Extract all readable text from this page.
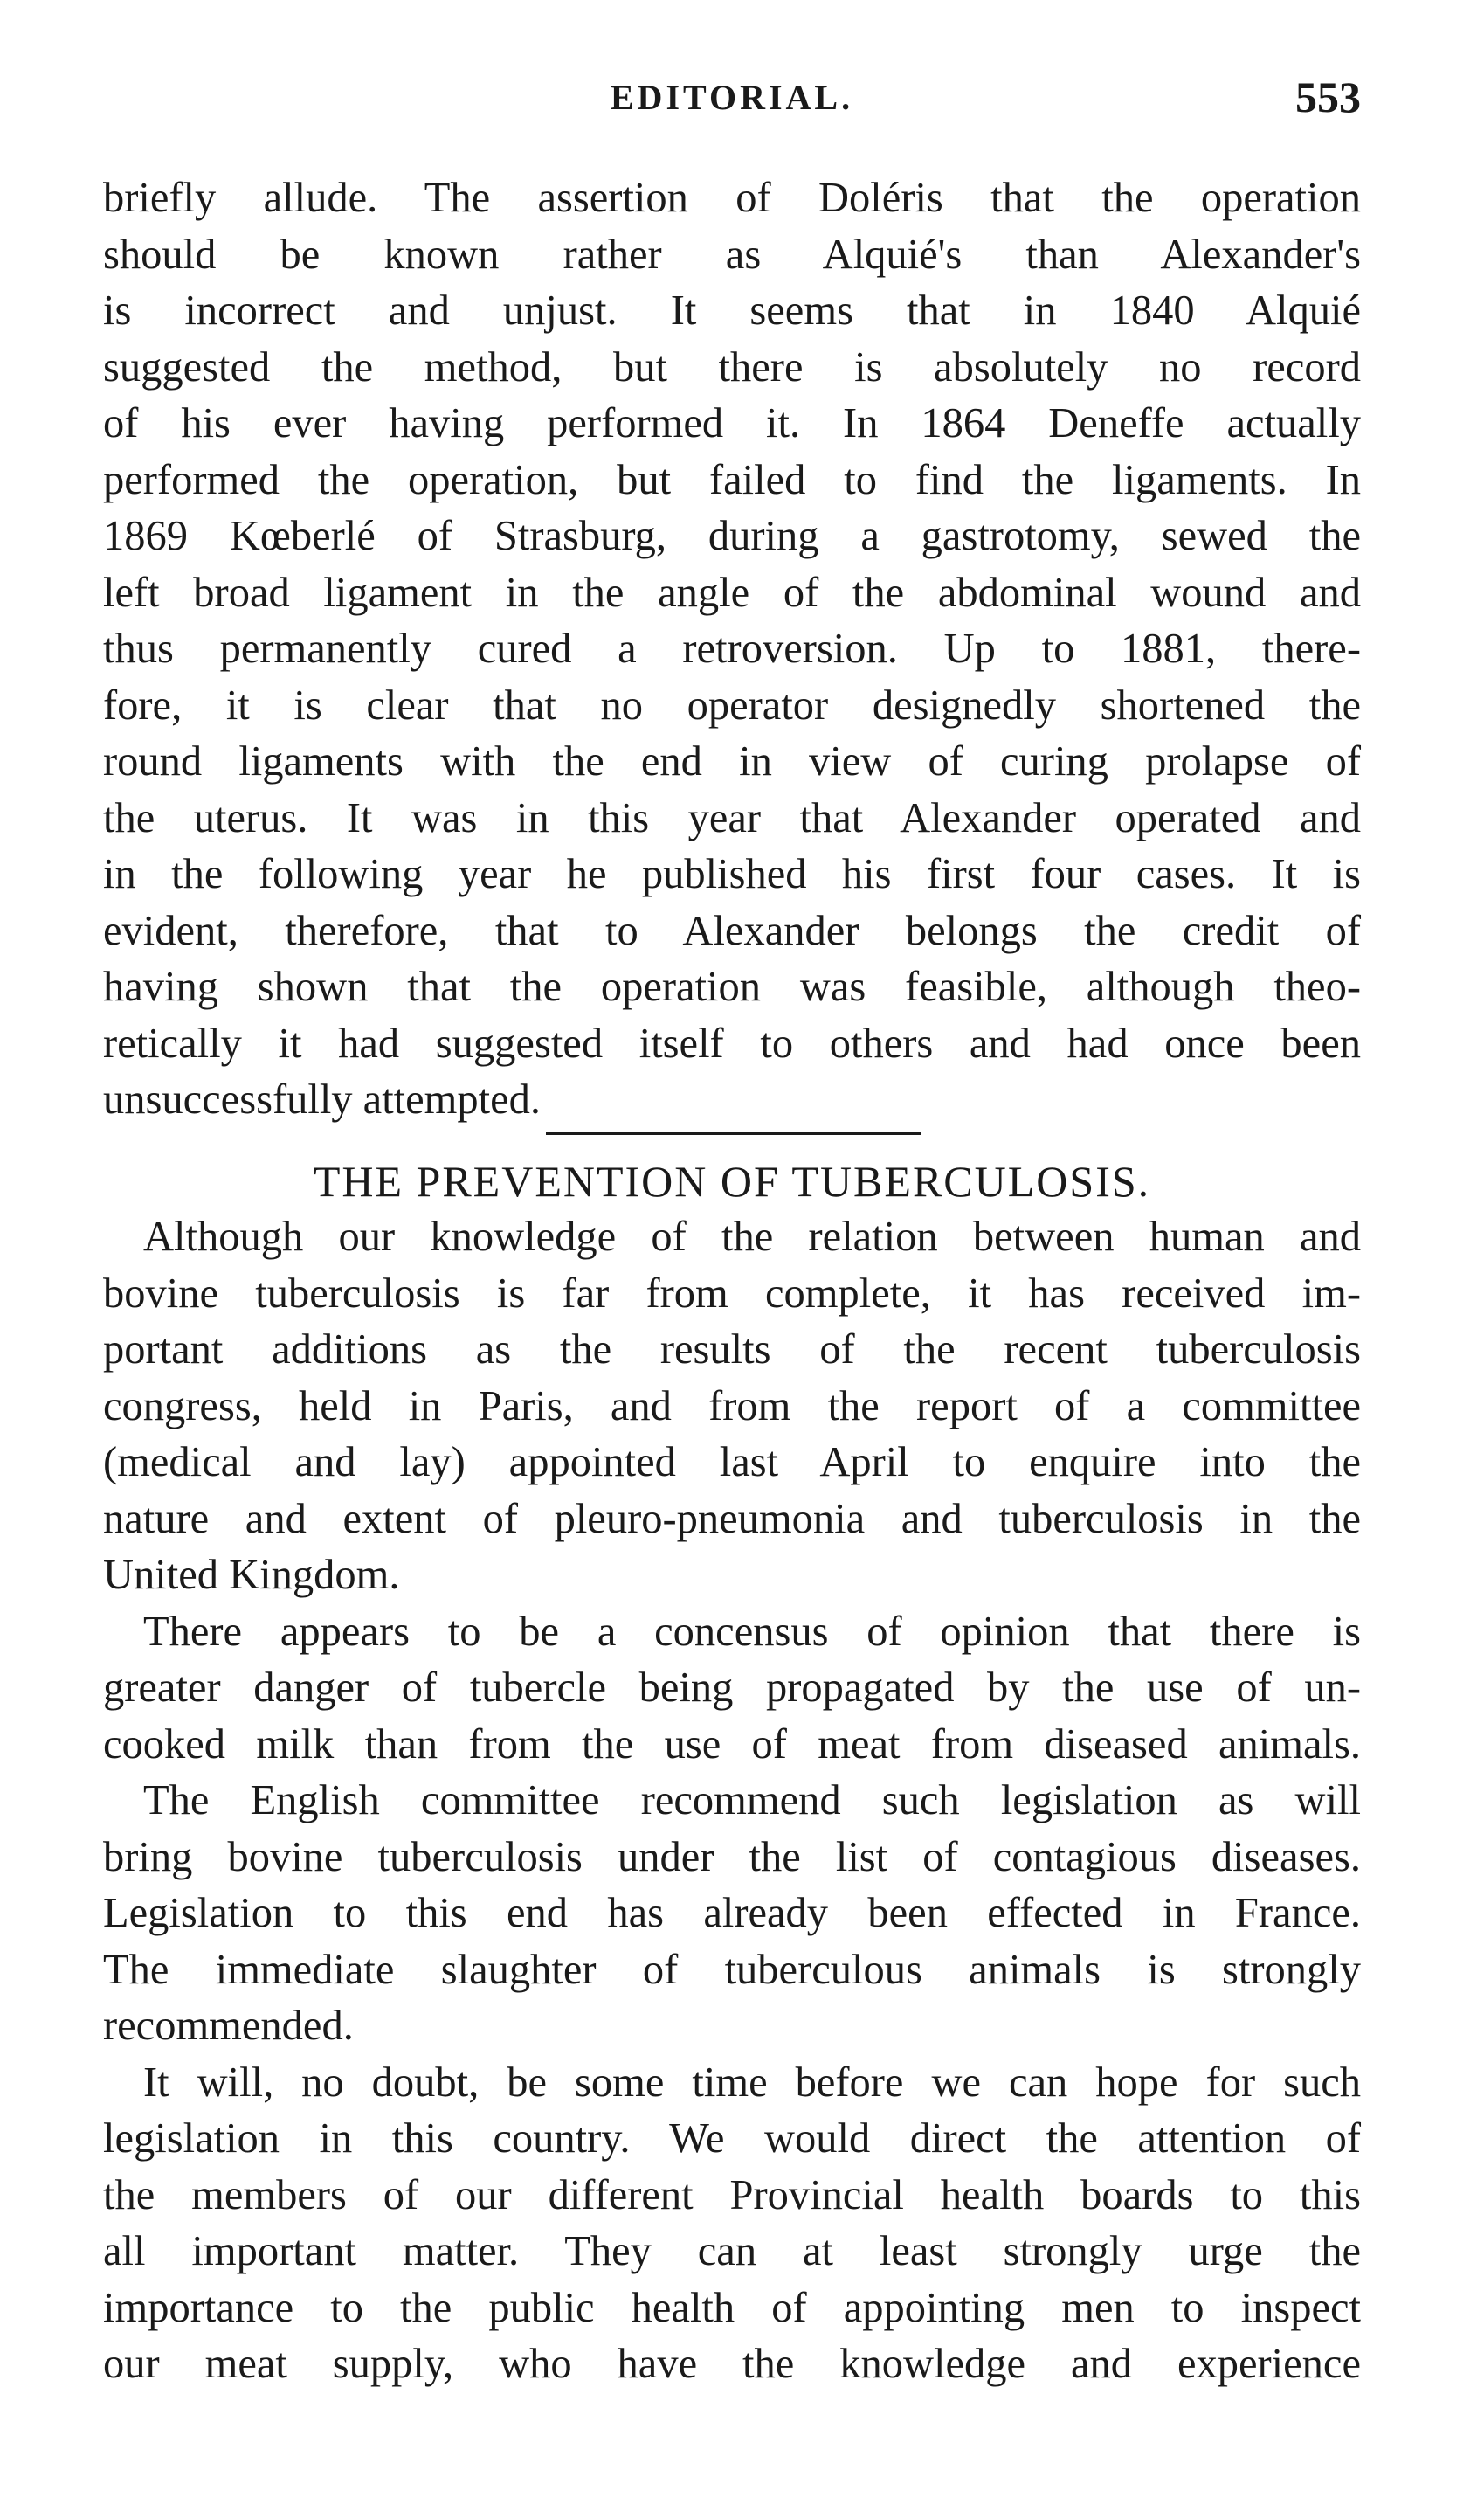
EDITORIAL.	553
briefly allude. The assertion of Doléris that the operation
should be known rather as Alquié's than Alexander's
is incorrect and unjust. It seems that in 1840 Alquié
suggested the method, but there is absolutely no record
of his ever having performed it. In 1864 Deneffe actually
performed the operation, but failed to find the ligaments. In
1869 Kœberlé of Strasburg, during a gastrotomy, sewed the
left broad ligament in the angle of the abdominal wound and
thus permanently cured a retroversion. Up to 1881, there-
fore, it is clear that no operator designedly shortened the
round ligaments with the end in view of curing prolapse of
the uterus. It was in this year that Alexander operated and
in the following year he published his first four cases. It is
evident, therefore, that to Alexander belongs the credit of
having shown that the operation was feasible, although theo-
retically it had suggested itself to others and had once been
unsuccessfully attempted.
THE PREVENTION OF TUBERCULOSIS.
Although our knowledge of the relation between human and
bovine tuberculosis is far from complete, it has received im-
portant additions as the results of the recent tuberculosis
congress, held in Paris, and from the report of a committee
(medical and lay) appointed last April to enquire into the
nature and extent of pleuro-pneumonia and tuberculosis in the
United Kingdom.
There appears to be a concensus of opinion that there is
greater danger of tubercle being propagated by the use of un-
cooked milk than from the use of meat from diseased animals.
The English committee recommend such legislation as will
bring bovine tuberculosis under the list of contagious diseases.
Legislation to this end has already been effected in France.
The immediate slaughter of tuberculous animals is strongly
recommended.
It will, no doubt, be some time before we can hope for such
legislation in this country. We would direct the attention of
the members of our different Provincial health boards to this
all important matter. They can at least strongly urge the
importance to the public health of appointing men to inspect
our meat supply, who have the knowledge and experience
